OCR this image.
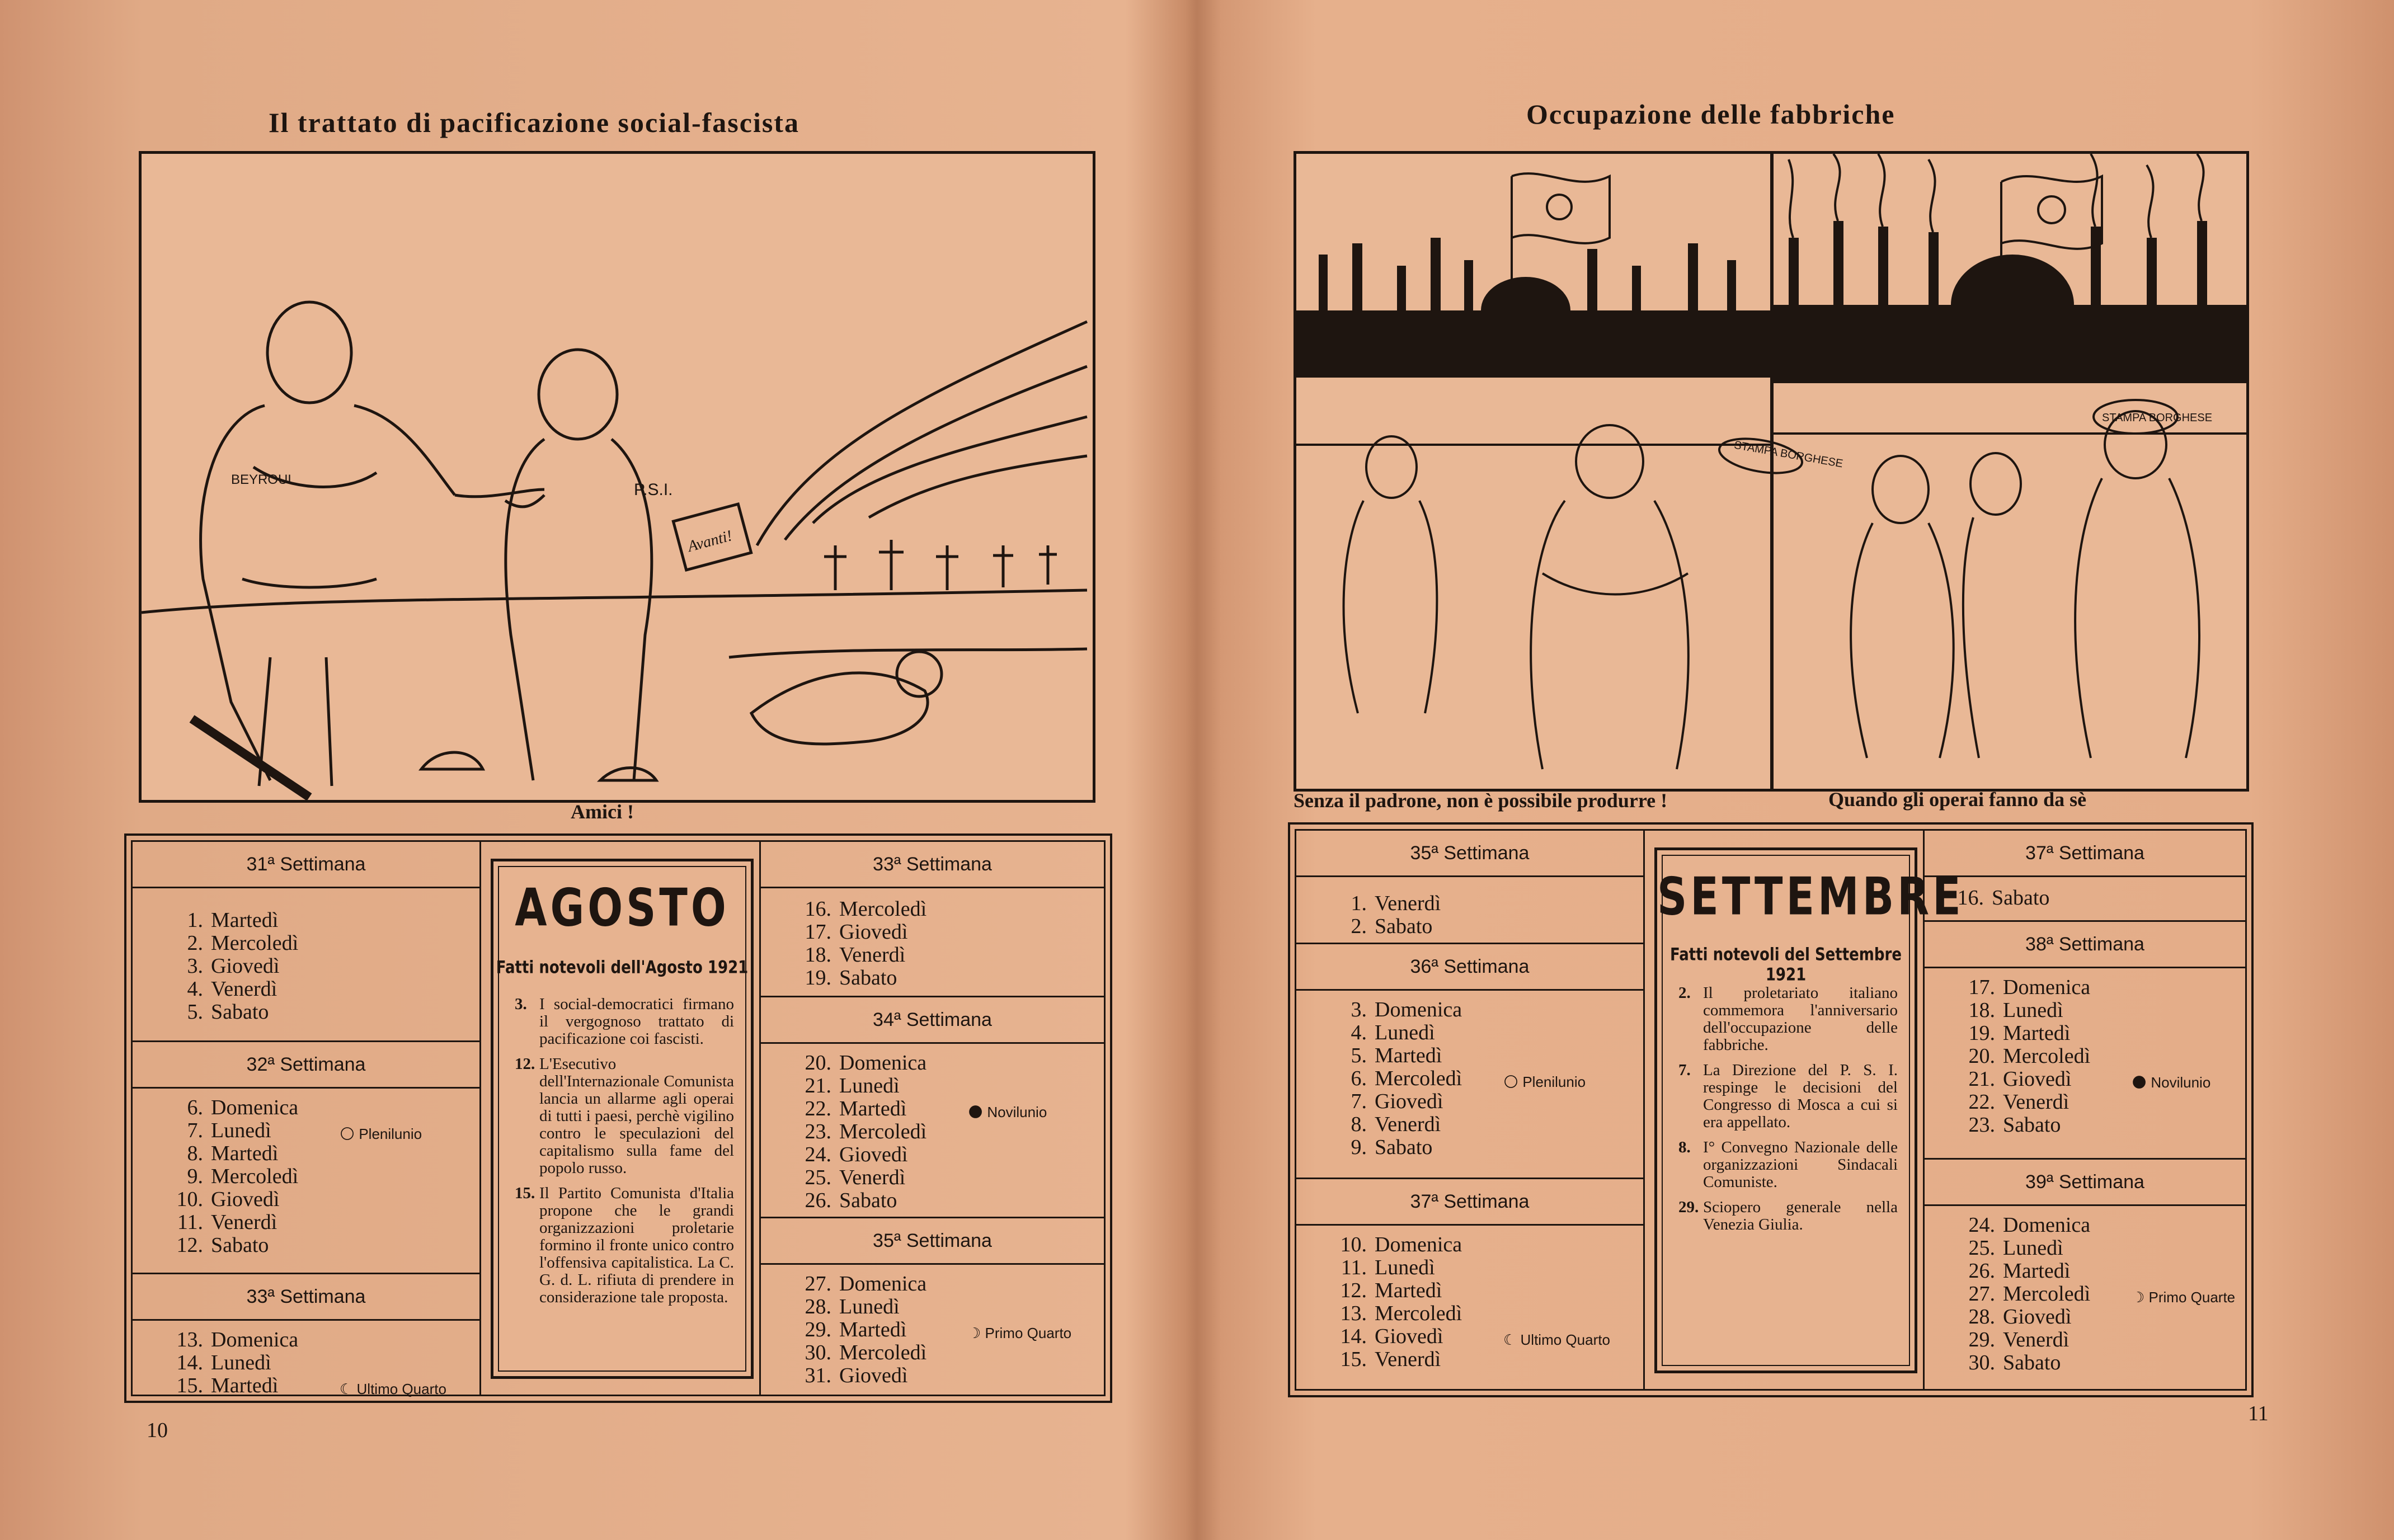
Il trattato di pacificazione social-fascista
BEYROUL
P.S.I.
Avanti!
Amici !
31ª Settimana
1. Martedì
2. Mercoledì
3. Giovedì
4. Venerdì
5. Sabato
32ª Settimana
6. Domenica
7. Lunedì	🌕 Plenilunio
8. Martedì
9. Mercoledì
10. Giovedì
11. Venerdì
12. Sabato
33ª Settimana
13. Domenica
14. Lunedì
15. Martedì	☾ Ultimo Quarto
AGOSTO
Fatti notevoli dell'Agosto 1921
3. I social-democratici firmano il vergognoso trattato di pacificazione coi fascisti.
12. L'Esecutivo dell'Internazionale Comunista lancia un allarme agli operai di tutti i paesi, perchè vigilino contro le speculazioni del capitalismo sulla fame del popolo russo.
15. Il Partito Comunista d'Italia propone che le grandi organizzazioni proletarie formino il fronte unico contro l'offensiva capitalistica. La C. G. d. L. rifiuta di prendere in considerazione tale proposta.
33ª Settimana
16. Mercoledì
17. Giovedì
18. Venerdì
19. Sabato
34ª Settimana
20. Domenica
21. Lunedì
22. Martedì	🌑 Novilunio
23. Mercoledì
24. Giovedì
25. Venerdì
26. Sabato
35ª Settimana
27. Domenica
28. Lunedì
29. Martedì	☽ Primo Quarto
30. Mercoledì
31. Giovedì
10
Occupazione delle fabbriche
STAMPA BORGHESE
STAMPA BORGHESE
Senza il padrone, non è possibile produrre !	Quando gli operai fanno da sè
35ª Settimana
1. Venerdì
2. Sabato
36ª Settimana
3. Domenica
4. Lunedì
5. Martedì
6. Mercoledì	🌕 Plenilunio
7. Giovedì
8. Venerdì
9. Sabato
37ª Settimana
10. Domenica
11. Lunedì
12. Martedì
13. Mercoledì
14. Giovedì	☾ Ultimo Quarto
15. Venerdì
SETTEMBRE
Fatti notevoli del Settembre 1921
2. Il proletariato italiano commemora l'anniversario dell'occupazione delle fabbriche.
7. La Direzione del P. S. I. respinge le decisioni del Congresso di Mosca a cui si era appellato.
8. I° Convegno Nazionale delle organizzazioni Sindacali Comuniste.
29. Sciopero generale nella Venezia Giulia.
37ª Settimana
16. Sabato
38ª Settimana
17. Domenica
18. Lunedì
19. Martedì
20. Mercoledì
21. Giovedì	🌑 Novilunio
22. Venerdì
23. Sabato
39ª Settimana
24. Domenica
25. Lunedì
26. Martedì
27. Mercoledì	☽ Primo Quarte
28. Giovedì
29. Venerdì
30. Sabato
11
